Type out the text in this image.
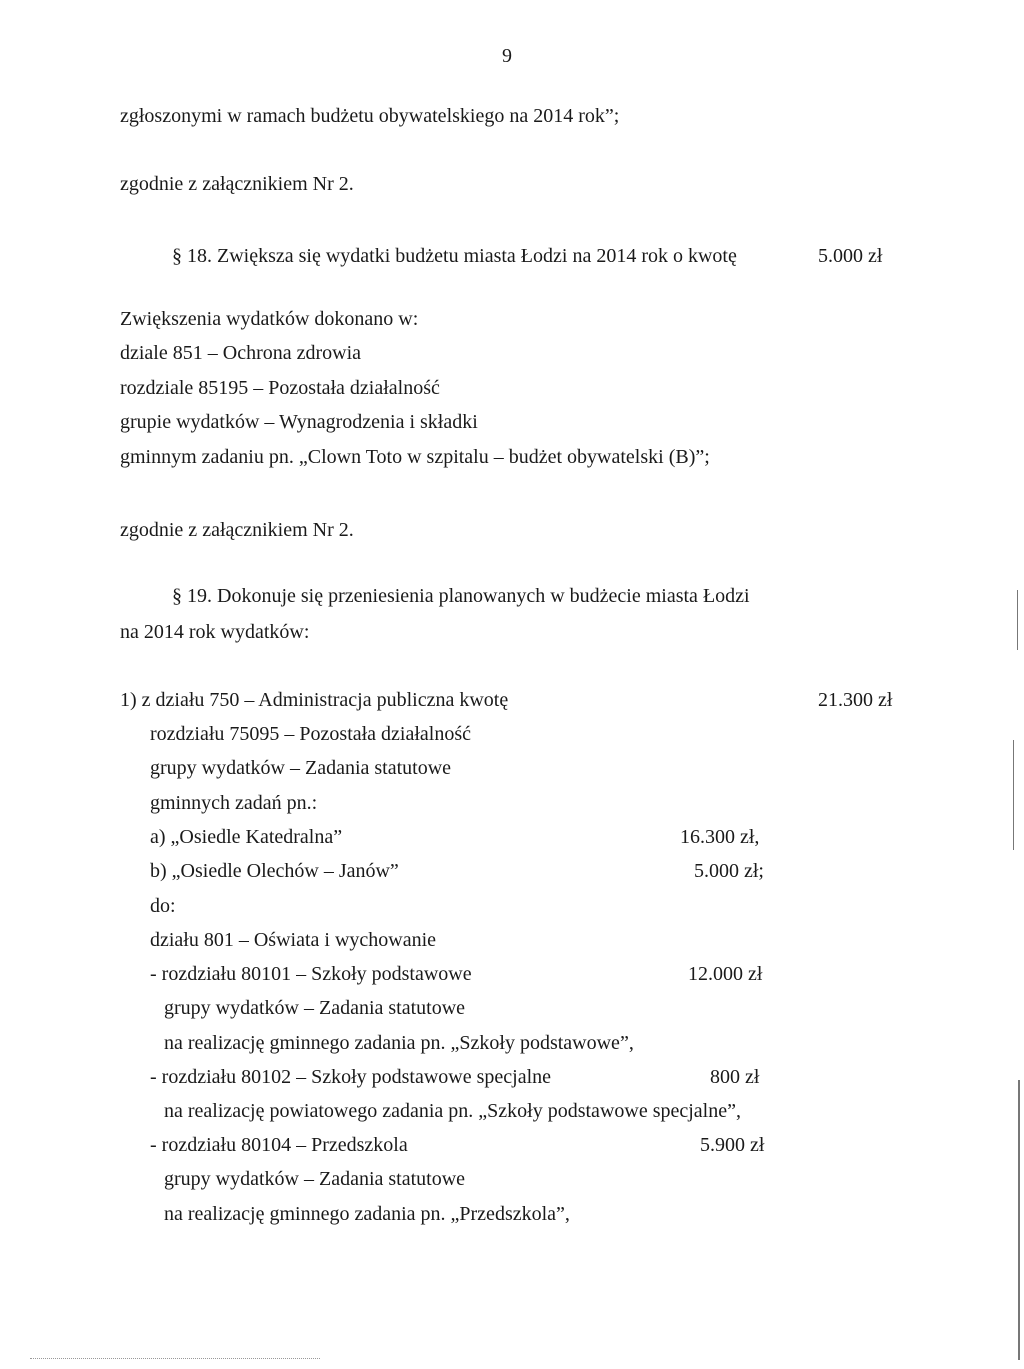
9
zgłoszonymi w ramach budżetu obywatelskiego na 2014 rok”;
zgodnie z załącznikiem Nr 2.
§ 18. Zwiększa się wydatki budżetu miasta Łodzi na 2014 rok o kwotę	5.000 zł
Zwiększenia wydatków dokonano w:
dziale 851 – Ochrona zdrowia
rozdziale 85195 – Pozostała działalność
grupie wydatków – Wynagrodzenia i składki
gminnym zadaniu pn. „Clown Toto w szpitalu – budżet obywatelski (B)”;
zgodnie z załącznikiem Nr 2.
§ 19. Dokonuje się przeniesienia planowanych w budżecie miasta Łodzi
na 2014 rok wydatków:
1) z działu 750 – Administracja publiczna kwotę	21.300 zł
rozdziału 75095 – Pozostała działalność
grupy wydatków – Zadania statutowe
gminnych zadań pn.:
a) „Osiedle Katedralna”	16.300 zł,
b) „Osiedle Olechów – Janów”	5.000 zł;
do:
działu 801 – Oświata i wychowanie
- rozdziału 80101 – Szkoły podstawowe	12.000 zł
grupy wydatków – Zadania statutowe
na realizację gminnego zadania pn. „Szkoły podstawowe”,
- rozdziału 80102 – Szkoły podstawowe specjalne	800 zł
na realizację powiatowego zadania pn. „Szkoły podstawowe specjalne”,
- rozdziału 80104 – Przedszkola	5.900 zł
grupy wydatków – Zadania statutowe
na realizację gminnego zadania pn. „Przedszkola”,
